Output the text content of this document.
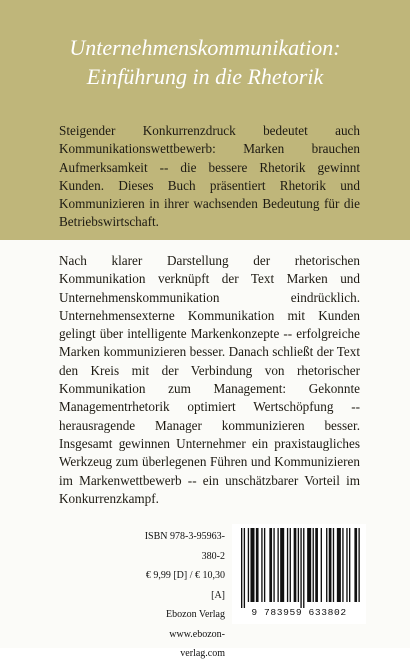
Unternehmenskommunikation:
Einführung in die Rhetorik

Steigender Konkurrenzdruck bedeutet auch Kommunikationswettbewerb: Marken brauchen Aufmerksamkeit -- die bessere Rhetorik gewinnt Kunden. Dieses Buch präsentiert Rhetorik und Kommunizieren in ihrer wachsenden Bedeutung für die Betriebswirtschaft.

Nach klarer Darstellung der rhetorischen Kommunikation verknüpft der Text Marken und Unternehmenskommunikation eindrücklich. Unternehmensexterne Kommunikation mit Kunden gelingt über intelligente Markenkonzepte -- erfolgreiche Marken kommunizieren besser. Danach schließt der Text den Kreis mit der Verbindung von rhetorischer Kommunikation zum Management: Gekonnte Managementrhetorik optimiert Wertschöpfung -- herausragende Manager kommunizieren besser. Insgesamt gewinnen Unternehmer ein praxistaugliches Werkzeug zum überlegenen Führen und Kommunizieren im Markenwettbewerb -- ein unschätzbarer Vorteil im Konkurrenzkampf.

ISBN 978-3-95963-380-2
€ 9,99 [D] / € 10,30 [A]
Ebozon Verlag
www.ebozon-verlag.com
9 783959 633802
